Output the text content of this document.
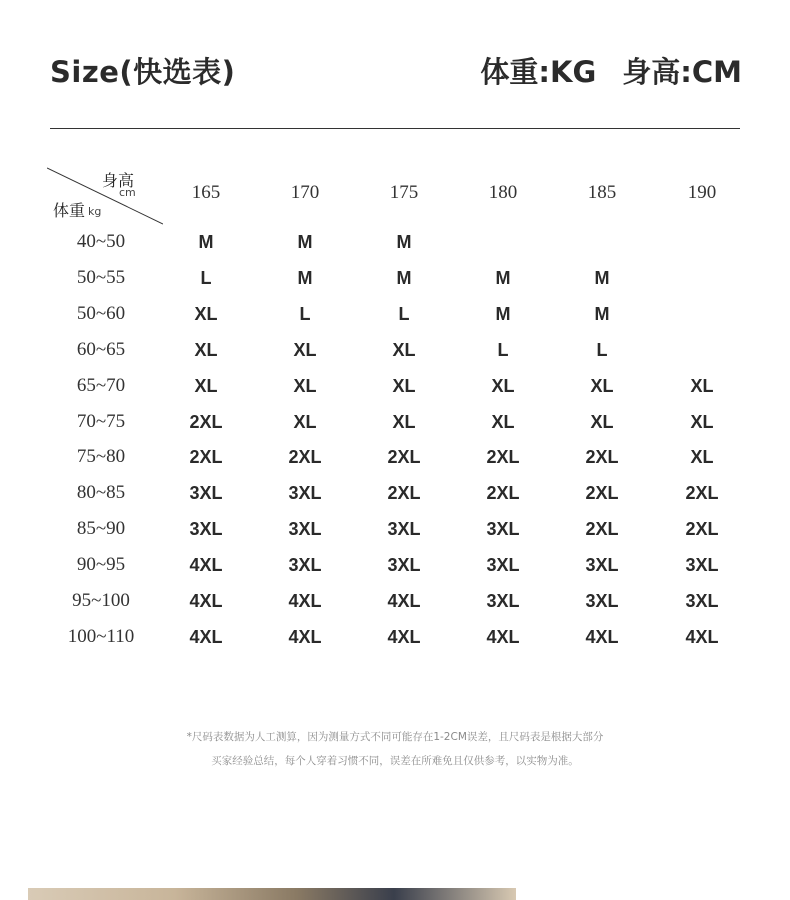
Size(快选表)	体重:KG 身高:CM
身高
cm
体重 kg
165	170	175	180	185	190
40~50	M	M	M
50~55	L	M	M	M	M
50~60	XL	L	L	M	M
60~65	XL	XL	XL	L	L
65~70	XL	XL	XL	XL	XL	XL
70~75	2XL	XL	XL	XL	XL	XL
75~80	2XL	2XL	2XL	2XL	2XL	XL
80~85	3XL	3XL	2XL	2XL	2XL	2XL
85~90	3XL	3XL	3XL	3XL	2XL	2XL
90~95	4XL	3XL	3XL	3XL	3XL	3XL
95~100	4XL	4XL	4XL	3XL	3XL	3XL
100~110	4XL	4XL	4XL	4XL	4XL	4XL
*尺码表数据为人工测算，因为测量方式不同可能存在1-2CM误差，且尺码表是根据大部分
买家经验总结，每个人穿着习惯不同，误差在所难免且仅供参考，以实物为准。
